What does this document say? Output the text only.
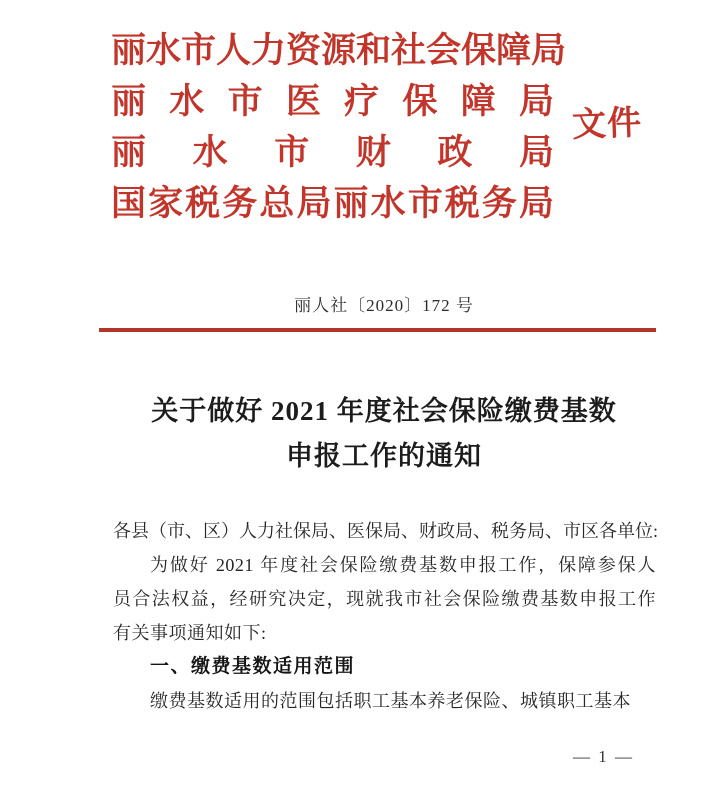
丽水市人力资源和社会保障局
丽水市医疗保障局
丽水市财政局
国家税务总局丽水市税务局
文件
丽人社〔2020〕172 号
关于做好 2021 年度社会保险缴费基数
申报工作的通知
各县（市、区）人力社保局、医保局、财政局、税务局、市区各单位:
为做好 2021 年度社会保险缴费基数申报工作，保障参保人
员合法权益，经研究决定，现就我市社会保险缴费基数申报工作
有关事项通知如下:
一、缴费基数适用范围
缴费基数适用的范围包括职工基本养老保险、城镇职工基本
— 1 —
